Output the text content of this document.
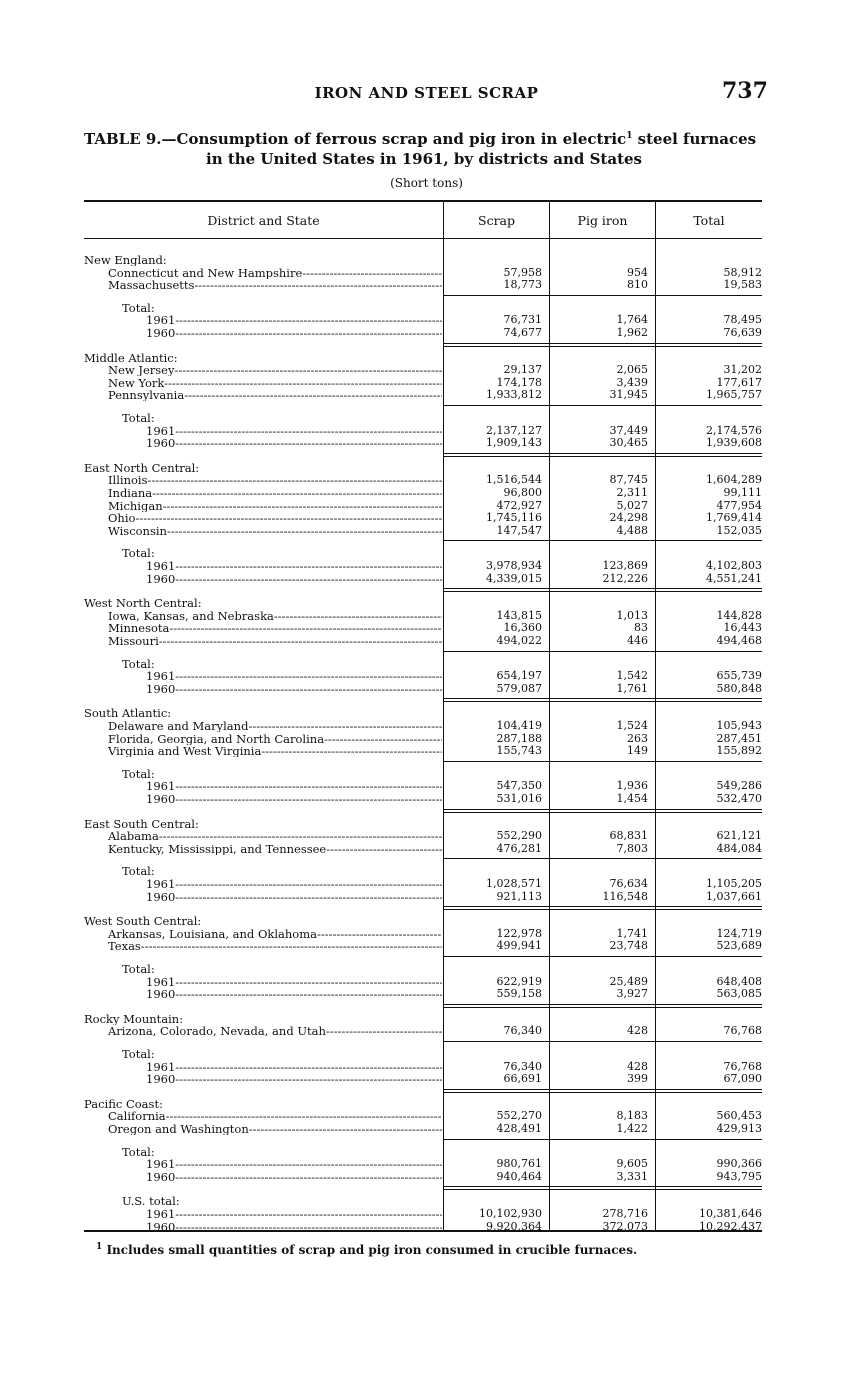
IRON AND STEEL SCRAP	737
TABLE 9.—Consumption of ferrous scrap and pig iron in electric$^1$ steel furnaces
in the United States in 1961, by districts and States
(Short tons)
District and State	Scrap	Pig iron	Total
New England:
Connecticut and New Hampshire -----	57,958	954	58,912
Massachusetts -----	18,773	810	19,583
Total:
1961 -----	76,731	1,764	78,495
1960 -----	74,677	1,962	76,639
Middle Atlantic:
New Jersey -----	29,137	2,065	31,202
New York -----	174,178	3,439	177,617
Pennsylvania -----	1,933,812	31,945	1,965,757
Total:
1961 -----	2,137,127	37,449	2,174,576
1960 -----	1,909,143	30,465	1,939,608
East North Central:
Illinois -----	1,516,544	87,745	1,604,289
Indiana -----	96,800	2,311	99,111
Michigan -----	472,927	5,027	477,954
Ohio -----	1,745,116	24,298	1,769,414
Wisconsin -----	147,547	4,488	152,035
Total:
1961 -----	3,978,934	123,869	4,102,803
1960 -----	4,339,015	212,226	4,551,241
West North Central:
Iowa, Kansas, and Nebraska -----	143,815	1,013	144,828
Minnesota -----	16,360	83	16,443
Missouri -----	494,022	446	494,468
Total:
1961 -----	654,197	1,542	655,739
1960 -----	579,087	1,761	580,848
South Atlantic:
Delaware and Maryland -----	104,419	1,524	105,943
Florida, Georgia, and North Carolina -----	287,188	263	287,451
Virginia and West Virginia -----	155,743	149	155,892
Total:
1961 -----	547,350	1,936	549,286
1960 -----	531,016	1,454	532,470
East South Central:
Alabama -----	552,290	68,831	621,121
Kentucky, Mississippi, and Tennessee -----	476,281	7,803	484,084
Total:
1961 -----	1,028,571	76,634	1,105,205
1960 -----	921,113	116,548	1,037,661
West South Central:
Arkansas, Louisiana, and Oklahoma -----	122,978	1,741	124,719
Texas -----	499,941	23,748	523,689
Total:
1961 -----	622,919	25,489	648,408
1960 -----	559,158	3,927	563,085
Rocky Mountain:
Arizona, Colorado, Nevada, and Utah -----	76,340	428	76,768
Total:
1961 -----	76,340	428	76,768
1960 -----	66,691	399	67,090
Pacific Coast:
California -----	552,270	8,183	560,453
Oregon and Washington -----	428,491	1,422	429,913
Total:
1961 -----	980,761	9,605	990,366
1960 -----	940,464	3,331	943,795
U.S. total:
1961 -----	10,102,930	278,716	10,381,646
1960 -----	9,920,364	372,073	10,292,437
$^1$ Includes small quantities of scrap and pig iron consumed in crucible furnaces.
